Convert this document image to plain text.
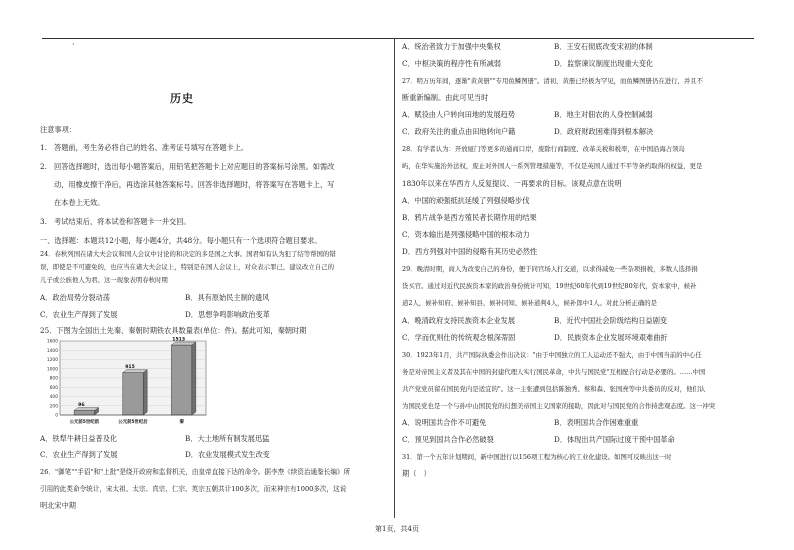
·
历史
注意事项：
1.　答题前，考生务必将自己的姓名、准考证号填写在答题卡上。
2.　回答选择题时，选出每小题答案后，用铅笔把答题卡上对应题目的答案标号涂黑。如需改
动，用橡皮擦干净后，再选涂其他答案标号。回答非选择题时，将答案写在答题卡上，写
在本卷上无效。
3.　考试结束后，将本试卷和答题卡一并交回。
一、选择题：本题共12小题，每小题4分，共48分。每小题只有一个选项符合题目要求。
24．春秋列国在诸大夫会议和国人会议中讨论的和决定的多是国之大事。国君如有认为犯了结等帮国的错
误，即使是不可避免的，也应当在诸大夫会议上，特别是在国人会议上，对众表示罪已，建议改立自己的
儿子或公族他人为君。这一现象表明春秋时期
A．政治局势分裂动荡	B．具有原始民主制的遗风
C．农业生产得到了发展	D．思想争鸣影响政治变革
25．下图为全国出土先秦、秦朝时期铁农具数量表(单位：件)。据此可知，秦朝时期
A．铁犁牛耕日益普及化	B．大土地所有制发展迅猛
C．农业生产得到了发展	D．农业发展模式发生改变
26．"御笔""手诏"和"上批"是绕开政府和监督机关，由皇帝直接下达的命令。据李焘《续资治通鉴长编》所
引用的此类命令统计，宋太祖、太宗、真宗、仁宗、英宗五朝共计100多次，而宋神宗有1000多次，这说
明北宋中期
0
200
400
600
800
1000
1200
1400
1600
96
公元前5世纪前
915
公元前5世纪后
1513
秦
A．统治者致力于加强中央集权	B．王安石彻底改变宋初的体制
C．中枢决策的程序性有所减弱	D．监察谏议制度出现重大变化
27．明万历年间，逐渐"黄黄册""专用鱼鳞图册"。清初，黄册已经极为罕见，而鱼鳞图册仍在进行，并且不
断重新编制。由此可见当时
A．赋役由人户转向田地的发展趋势	B．地主对佃农的人身控制减弱
C．政府关注的重点由田地转向户籍	D．政府财政困难得到根本解决
28．有学者认为：开放厦门等更多的通商口岸，废除行商制度、改革关税和税率，在中国沿海占领岛
屿，在华实施治外法权，废止对外国人一系列管理措施等，不仅是英国人通过不平等条约取得的权益，更是
1830年以来在华西方人反复提议、一再要求的目标。该观点意在说明
A．中国的顽强抵抗延缓了列强侵略步伐
B．鸦片战争是西方殖民者长期作用的结果
C．资本输出是列强侵略中国的根本动力
D．西方列强对中国的侵略有其历史必然性
29．晚清时期，商人为改变自己的身份，便于同官场人打交道，以求得减免一些杂项捐税，多数人选择捐
货买官。通过对近代民族资本家的政治身份统计可知，19世纪60年代到19世纪80年代，资本家中，候补
道2人，候补知府、候补知县、候补同知、候补道判4人，候补郎中1人。对此分析正确的是
A．晚清政府支持民族资本企业发展	B．近代中国社会阶级结构日益剧变
C．学而优则仕的传统观念根深蒂固	D．民族资本企业发展环境艰难曲折
30．1923年1月，共产国际执委会作出决议："由于中国独立的工人运动还不强大，由于中国当前的中心任
务是对帝国主义者及其在中国的封建代理人实行国民革命，中共与国民党"互相配合行动是必要的。……中国
共产党党员留在国民党内是适宜的"。这一主张遭到包括陈独秀、蔡和森、张国焘等中共委员的反对，他们认
为国民党也是一个与孙中山国民党的幻想美帝国主义国家的接助，因此对与国民党的合作持悲观态度。这一冲突
A．说明国共合作不可避免	B．表明国共合作困难重重
C．预见到国共合作必然破裂	D．体现出共产国际过度干预中国革命
31．第一个五年计划期间，新中国进行以156项工程为核心的工业化建设。如图可反映出这一时
期（　）
第1页，共4页
